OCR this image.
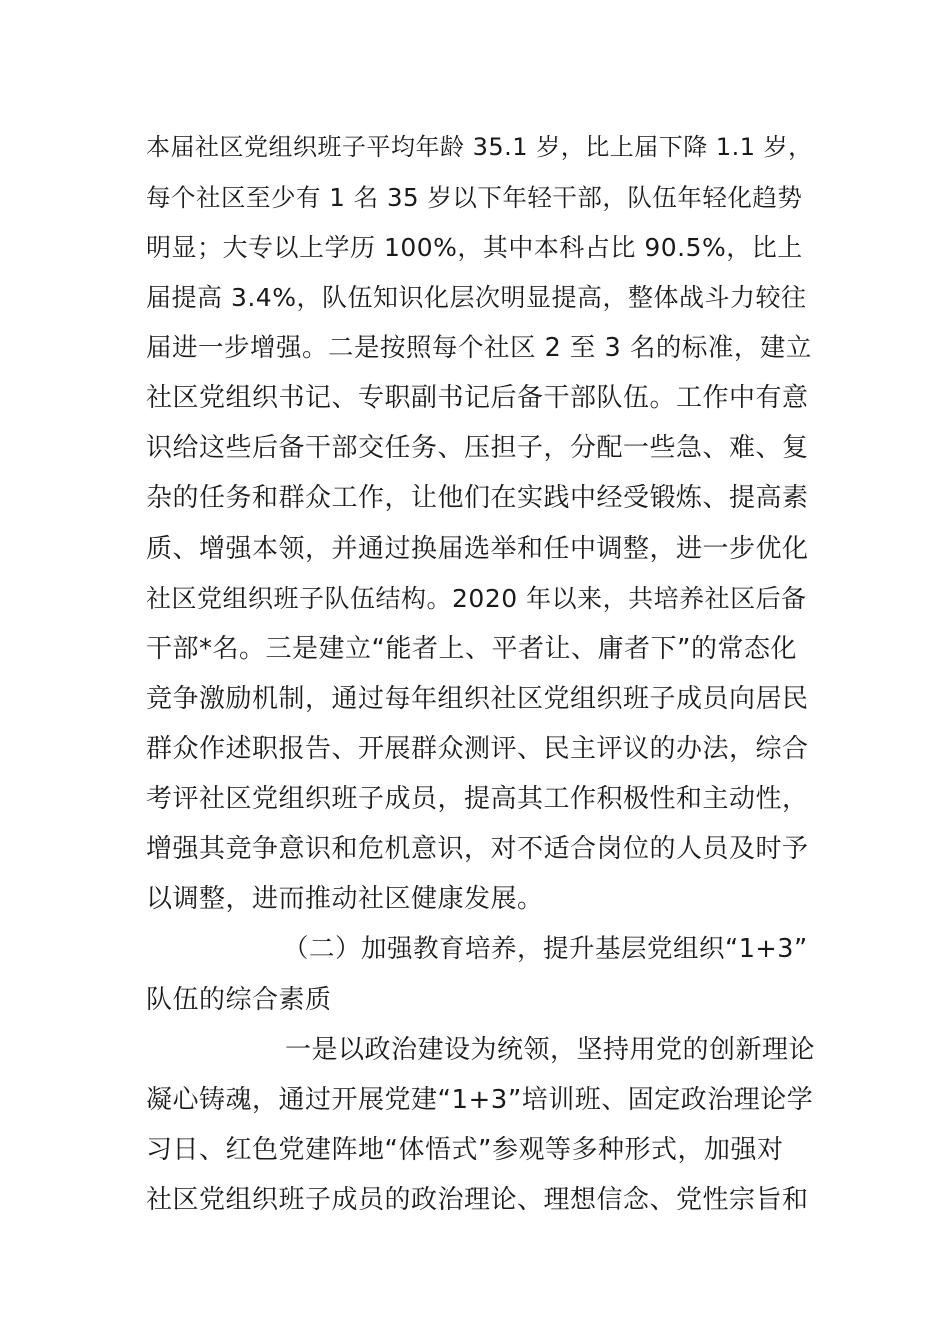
本届社区党组织班子平均年龄 35.1 岁，比上届下降 1.1 岁，
每个社区至少有 1 名 35 岁以下年轻干部，队伍年轻化趋势
明显；大专以上学历 100%，其中本科占比 90.5%，比上
届提高 3.4%，队伍知识化层次明显提高，整体战斗力较往
届进一步增强。二是按照每个社区 2 至 3 名的标准，建立
社区党组织书记、专职副书记后备干部队伍。工作中有意
识给这些后备干部交任务、压担子，分配一些急、难、复
杂的任务和群众工作，让他们在实践中经受锻炼、提高素
质、增强本领，并通过换届选举和任中调整，进一步优化
社区党组织班子队伍结构。2020 年以来，共培养社区后备
干部*名。三是建立“能者上、平者让、庸者下”的常态化
竞争激励机制，通过每年组织社区党组织班子成员向居民
群众作述职报告、开展群众测评、民主评议的办法，综合
考评社区党组织班子成员，提高其工作积极性和主动性，
增强其竞争意识和危机意识，对不适合岗位的人员及时予
以调整，进而推动社区健康发展。
（二）加强教育培养，提升基层党组织“1+3”
队伍的综合素质
一是以政治建设为统领，坚持用党的创新理论
凝心铸魂，通过开展党建“1+3”培训班、固定政治理论学
习日、红色党建阵地“体悟式”参观等多种形式，加强对
社区党组织班子成员的政治理论、理想信念、党性宗旨和
